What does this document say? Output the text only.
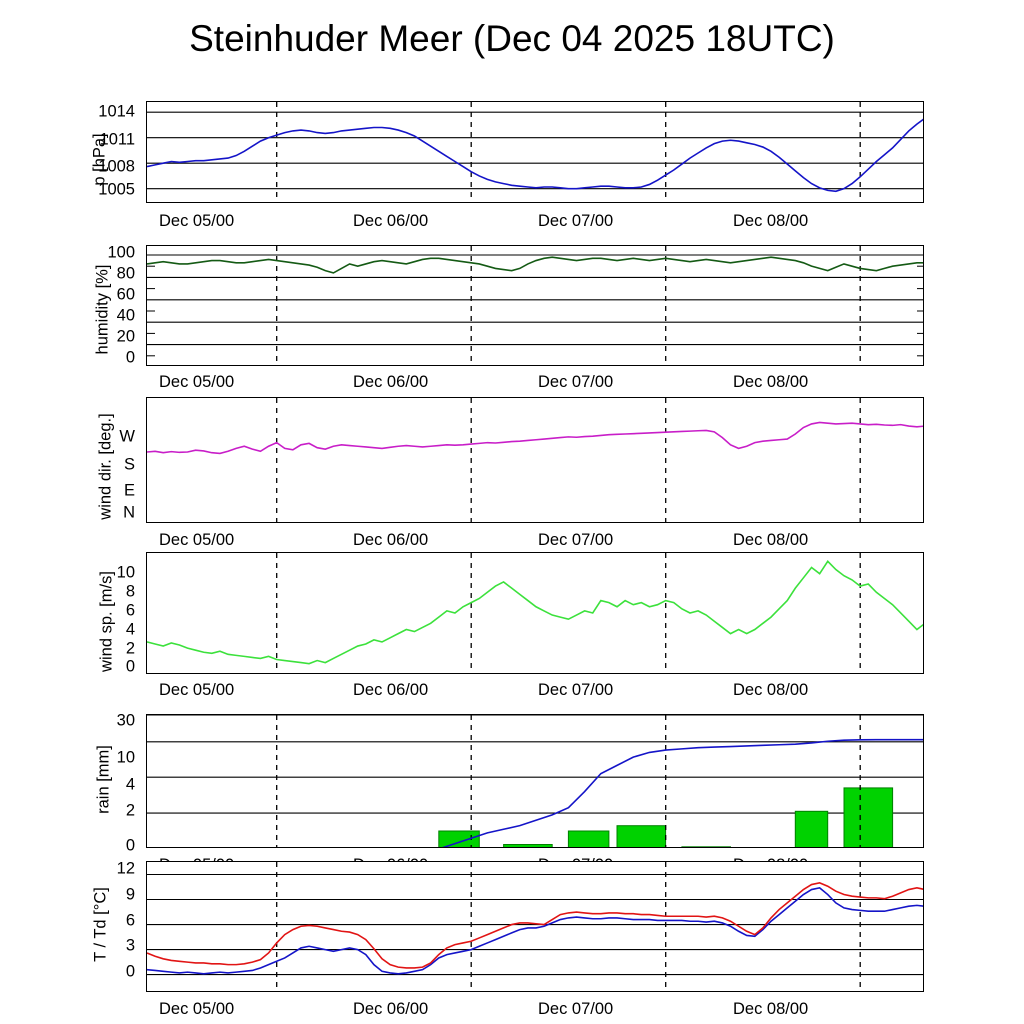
Steinhuder Meer (Dec 04 2025 18UTC)
p [hPa]
1014
1011
1008
1005
Dec 05/00	Dec 06/00	Dec 07/00	Dec 08/00
humidity [%]
100
80
60
40
20
0
Dec 05/00	Dec 06/00	Dec 07/00	Dec 08/00
wind dir. [deg.] W
S
E
N
Dec 05/00	Dec 06/00	Dec 07/00	Dec 08/00
wind sp. [m/s] 10
8
6
4
2
0
Dec 05/00	Dec 06/00	Dec 07/00	Dec 08/00
rain [mm]
30
10
4
2
0
T / Td [°C]
12
9
6
3
0
Dec 05/00	Dec 06/00	Dec 07/00	Dec 08/00
